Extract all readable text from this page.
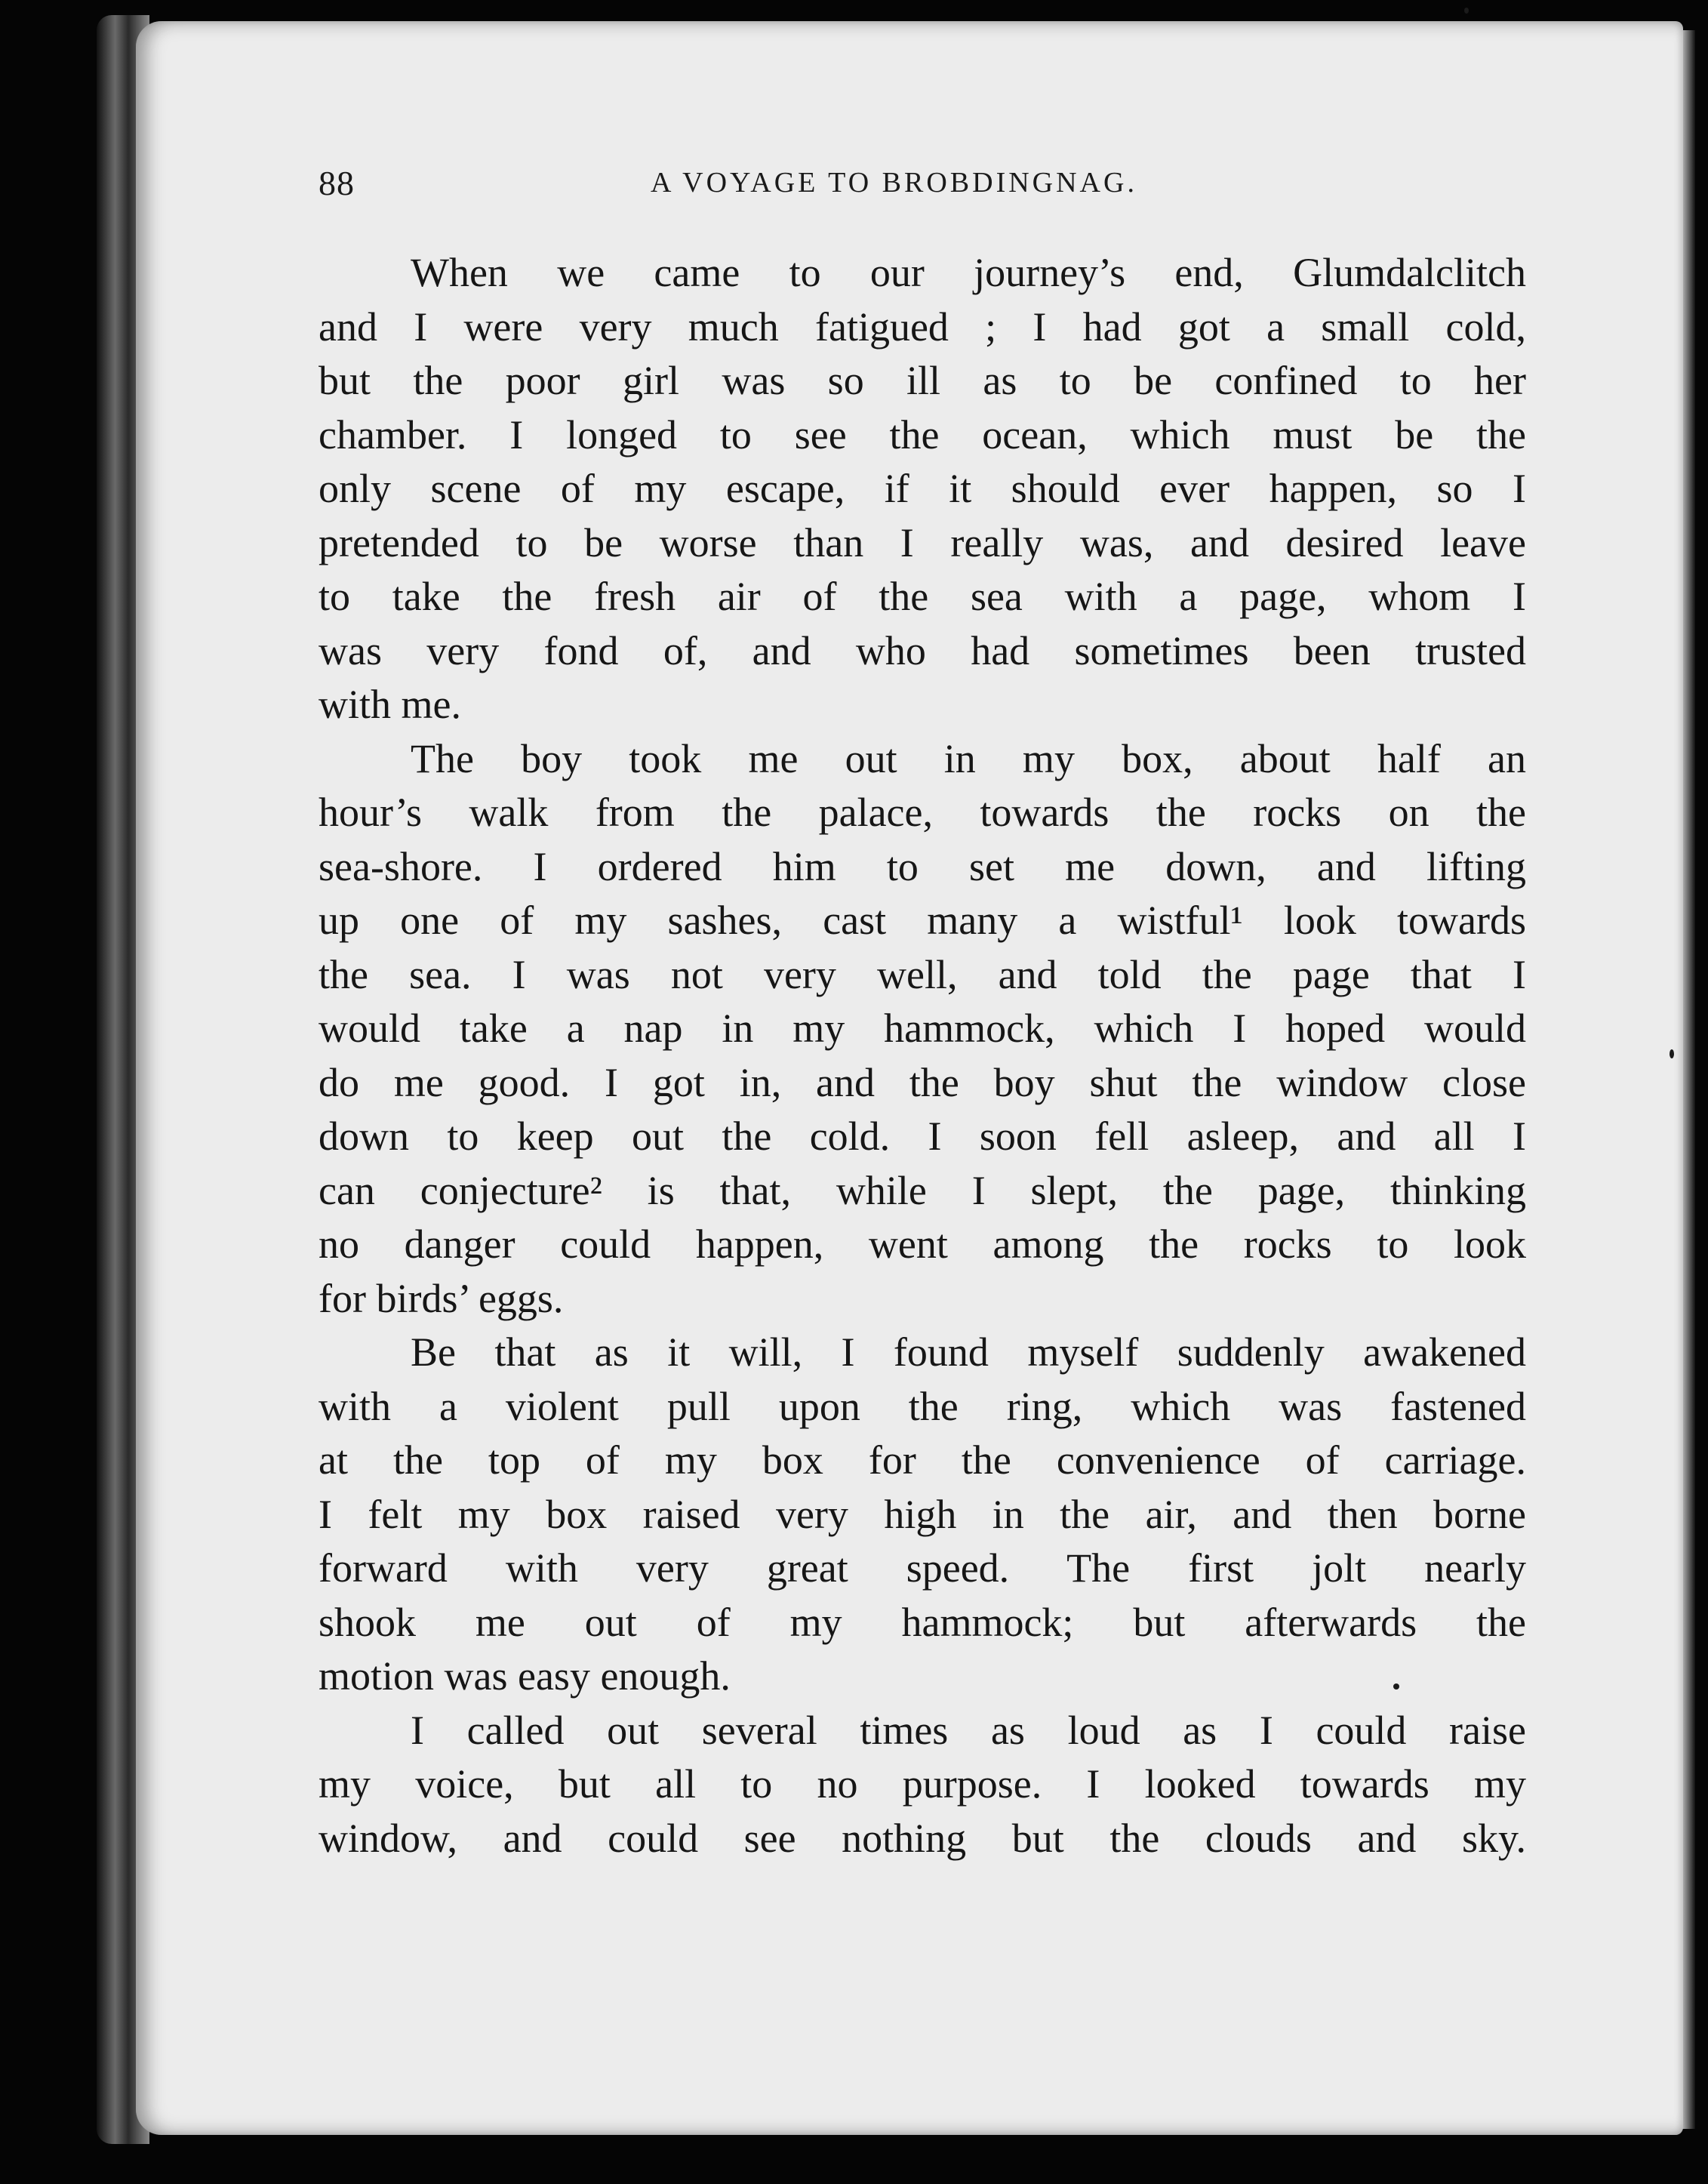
88	A VOYAGE TO BROBDINGNAG.
When we came to our journey’s end, Glumdalclitch
and I were very much fatigued ; I had got a small cold,
but the poor girl was so ill as to be confined to her
chamber. I longed to see the ocean, which must be the
only scene of my escape, if it should ever happen, so I
pretended to be worse than I really was, and desired leave
to take the fresh air of the sea with a page, whom I
was very fond of, and who had sometimes been trusted
with me.
The boy took me out in my box, about half an
hour’s walk from the palace, towards the rocks on the
sea-shore. I ordered him to set me down, and lifting
up one of my sashes, cast many a wistful¹ look towards
the sea. I was not very well, and told the page that I
would take a nap in my hammock, which I hoped would
do me good. I got in, and the boy shut the window close
down to keep out the cold. I soon fell asleep, and all I
can conjecture² is that, while I slept, the page, thinking
no danger could happen, went among the rocks to look
for birds’ eggs.
Be that as it will, I found myself suddenly awakened
with a violent pull upon the ring, which was fastened
at the top of my box for the convenience of carriage.
I felt my box raised very high in the air, and then borne
forward with very great speed. The first jolt nearly
shook me out of my hammock; but afterwards the
motion was easy enough.
I called out several times as loud as I could raise
my voice, but all to no purpose. I looked towards my
window, and could see nothing but the clouds and sky.
